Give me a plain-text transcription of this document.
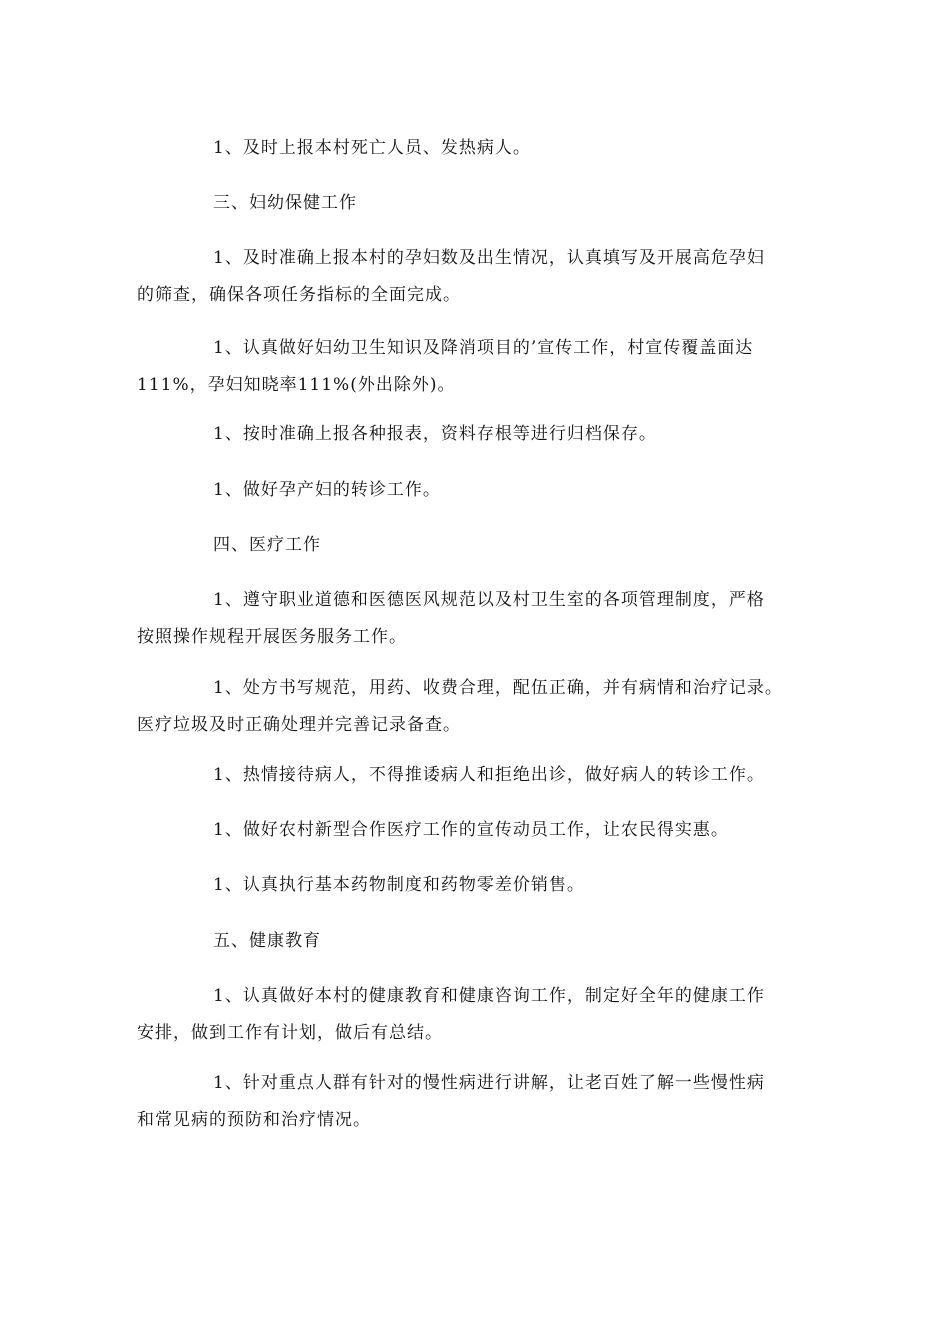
1、及时上报本村死亡人员、发热病人。

三、妇幼保健工作

1、及时准确上报本村的孕妇数及出生情况，认真填写及开展高危孕妇
的筛查，确保各项任务指标的全面完成。

1、认真做好妇幼卫生知识及降消项目的’宣传工作，村宣传覆盖面达
111%，孕妇知晓率111%(外出除外)。

1、按时准确上报各种报表，资料存根等进行归档保存。

1、做好孕产妇的转诊工作。

四、医疗工作

1、遵守职业道德和医德医风规范以及村卫生室的各项管理制度，严格
按照操作规程开展医务服务工作。

1、处方书写规范，用药、收费合理，配伍正确，并有病情和治疗记录。
医疗垃圾及时正确处理并完善记录备查。

1、热情接待病人，不得推诿病人和拒绝出诊，做好病人的转诊工作。

1、做好农村新型合作医疗工作的宣传动员工作，让农民得实惠。

1、认真执行基本药物制度和药物零差价销售。

五、健康教育

1、认真做好本村的健康教育和健康咨询工作，制定好全年的健康工作
安排，做到工作有计划，做后有总结。

1、针对重点人群有针对的慢性病进行讲解，让老百姓了解一些慢性病
和常见病的预防和治疗情况。
